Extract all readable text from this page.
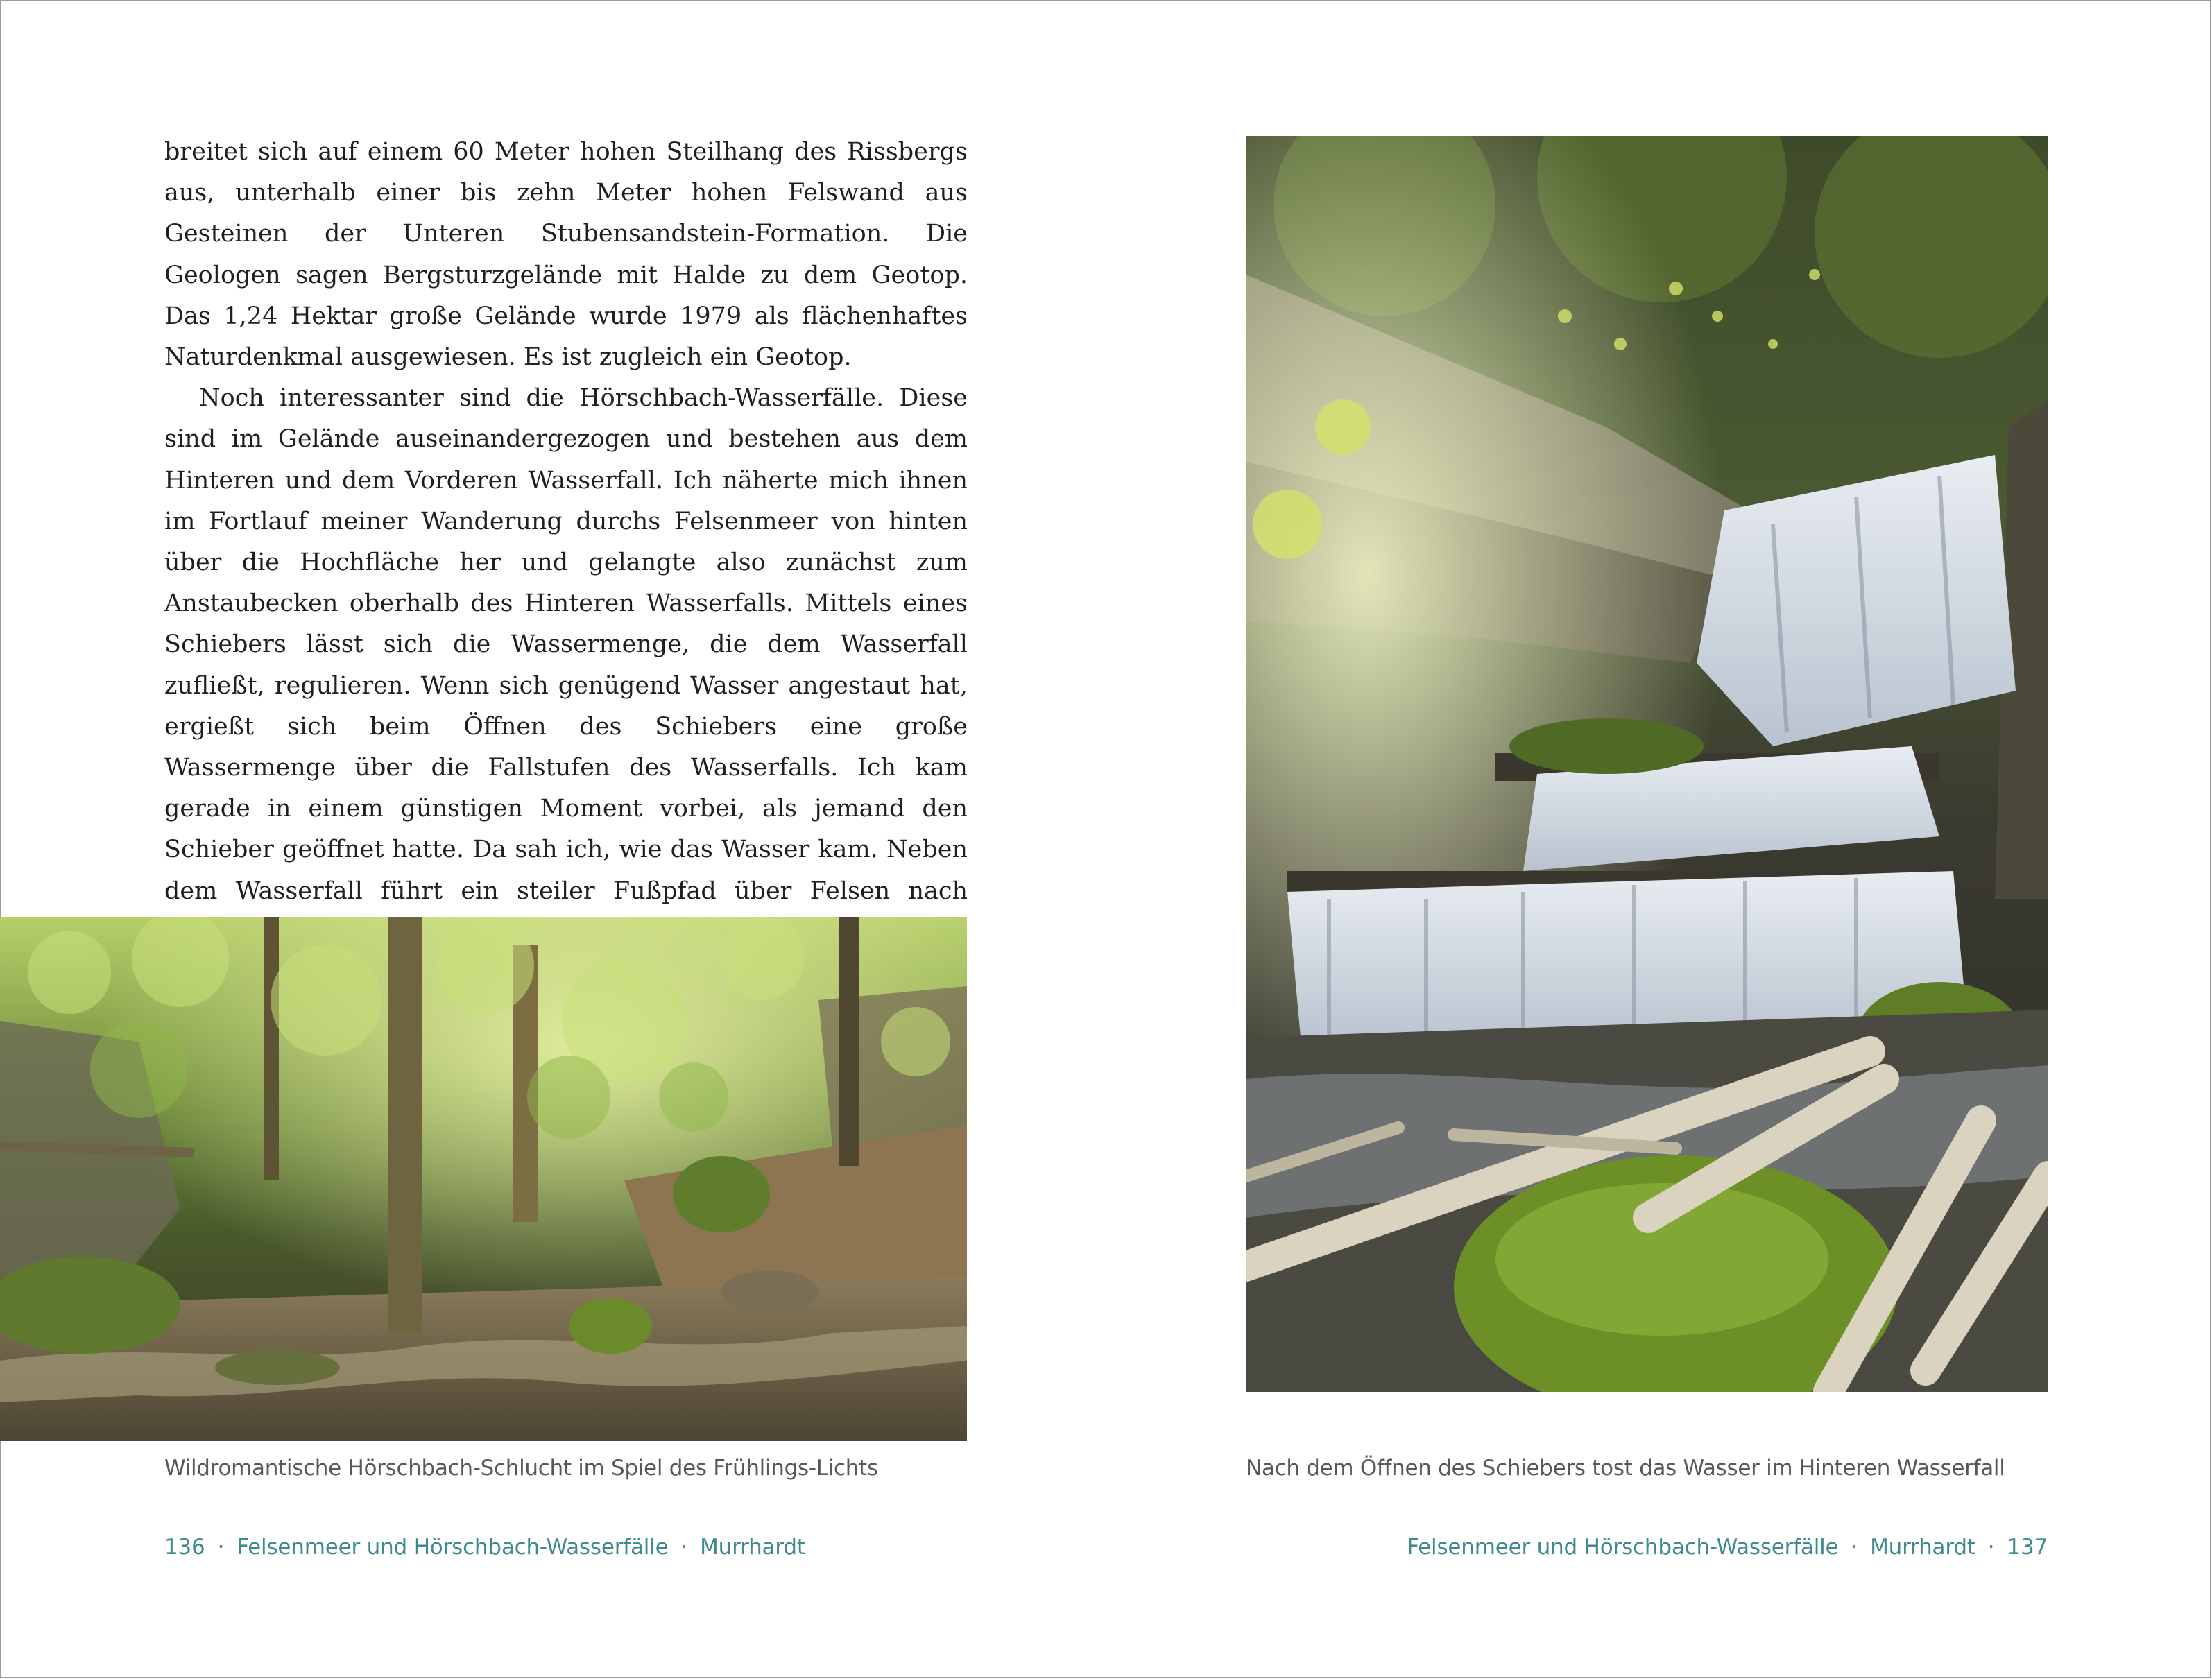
breitet sich auf einem 60 Meter hohen Steilhang des Rissbergs aus, unterhalb einer bis zehn Meter hohen Felswand aus Gesteinen der Unteren Stubensandstein-Formation. Die Geologen sagen Bergsturzgelände mit Halde zu dem Geotop. Das 1,24 Hektar große Gelände wurde 1979 als flächenhaftes Naturdenkmal ausgewiesen. Es ist zugleich ein Geotop.

Noch interessanter sind die Hörschbach-Wasserfälle. Diese sind im Gelände auseinandergezogen und bestehen aus dem Hinteren und dem Vorderen Wasserfall. Ich näherte mich ihnen im Fortlauf meiner Wanderung durchs Felsenmeer von hinten über die Hochfläche her und gelangte also zunächst zum Anstaubecken oberhalb des Hinteren Wasserfalls. Mittels eines Schiebers lässt sich die Wassermenge, die dem Wasserfall zufließt, regulieren. Wenn sich genügend Wasser angestaut hat, ergießt sich beim Öffnen des Schiebers eine große Wassermenge über die Fallstufen des Wasserfalls. Ich kam gerade in einem günstigen Moment vorbei, als jemand den Schieber geöffnet hatte. Da sah ich, wie das Wasser kam. Neben dem Wasserfall führt ein steiler Fußpfad über Felsen nach

Wildromantische Hörschbach-Schlucht im Spiel des Frühlings-Lichts	Nach dem Öffnen des Schiebers tost das Wasser im Hinteren Wasserfall
136 · Felsenmeer und Hörschbach-Wasserfälle · Murrhardt	Felsenmeer und Hörschbach-Wasserfälle · Murrhardt · 137
